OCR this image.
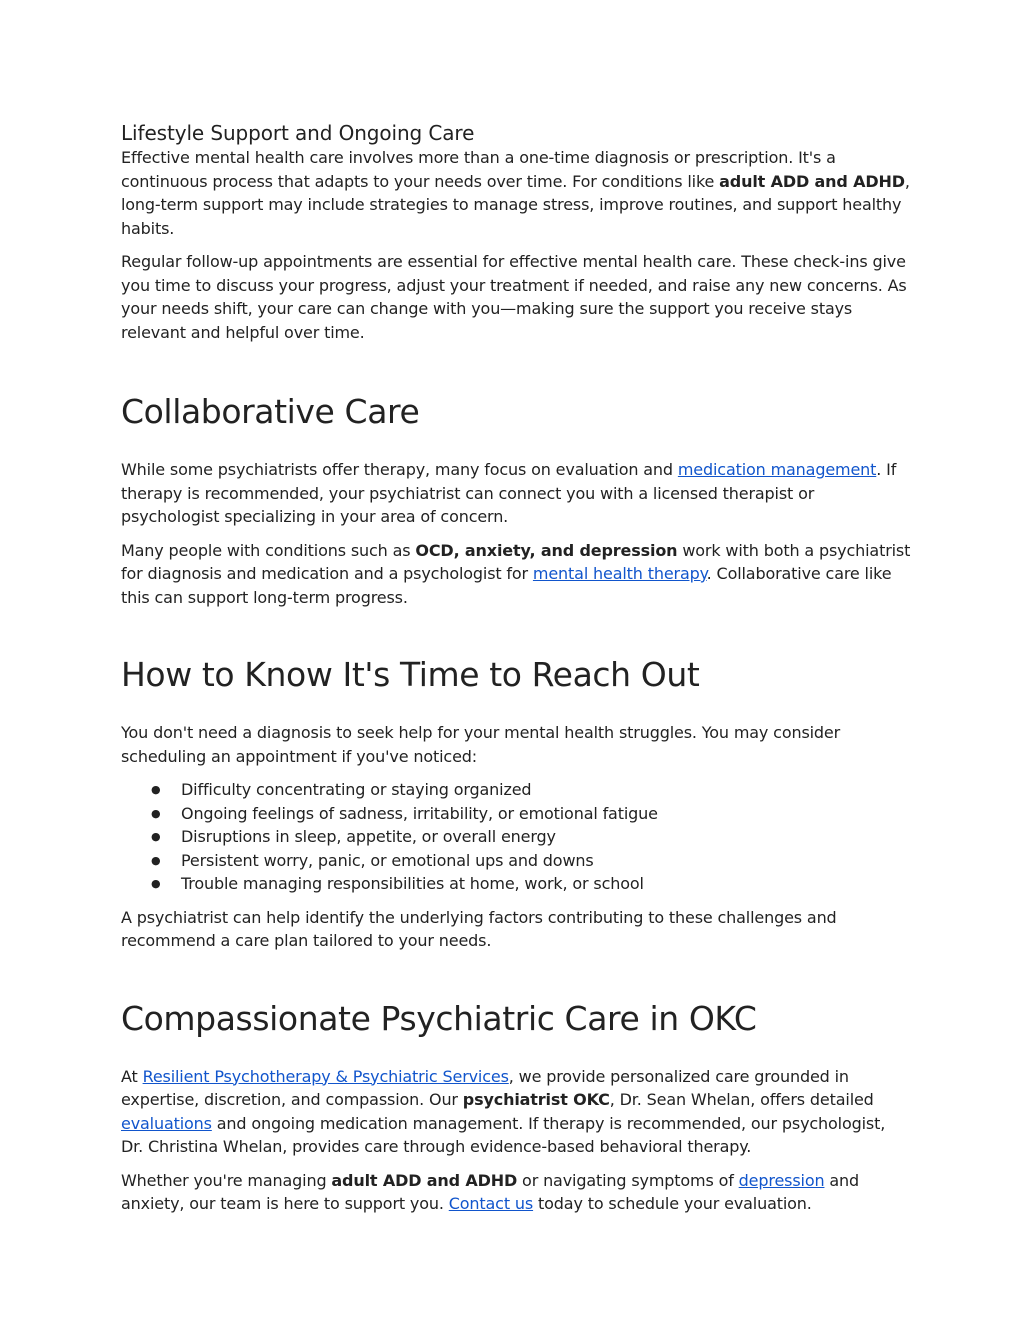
Lifestyle Support and Ongoing Care

Effective mental health care involves more than a one-time diagnosis or prescription. It's a continuous process that adapts to your needs over time. For conditions like adult ADD and ADHD, long-term support may include strategies to manage stress, improve routines, and support healthy habits.

Regular follow-up appointments are essential for effective mental health care. These check-ins give you time to discuss your progress, adjust your treatment if needed, and raise any new concerns. As your needs shift, your care can change with you—making sure the support you receive stays relevant and helpful over time.

Collaborative Care

While some psychiatrists offer therapy, many focus on evaluation and medication management. If therapy is recommended, your psychiatrist can connect you with a licensed therapist or psychologist specializing in your area of concern.

Many people with conditions such as OCD, anxiety, and depression work with both a psychiatrist for diagnosis and medication and a psychologist for mental health therapy. Collaborative care like this can support long-term progress.

How to Know It's Time to Reach Out

You don't need a diagnosis to seek help for your mental health struggles. You may consider scheduling an appointment if you've noticed:

● Difficulty concentrating or staying organized
● Ongoing feelings of sadness, irritability, or emotional fatigue
● Disruptions in sleep, appetite, or overall energy
● Persistent worry, panic, or emotional ups and downs
● Trouble managing responsibilities at home, work, or school

A psychiatrist can help identify the underlying factors contributing to these challenges and recommend a care plan tailored to your needs.

Compassionate Psychiatric Care in OKC

At Resilient Psychotherapy & Psychiatric Services, we provide personalized care grounded in expertise, discretion, and compassion. Our psychiatrist OKC, Dr. Sean Whelan, offers detailed evaluations and ongoing medication management. If therapy is recommended, our psychologist, Dr. Christina Whelan, provides care through evidence-based behavioral therapy.

Whether you're managing adult ADD and ADHD or navigating symptoms of depression and anxiety, our team is here to support you. Contact us today to schedule your evaluation.
